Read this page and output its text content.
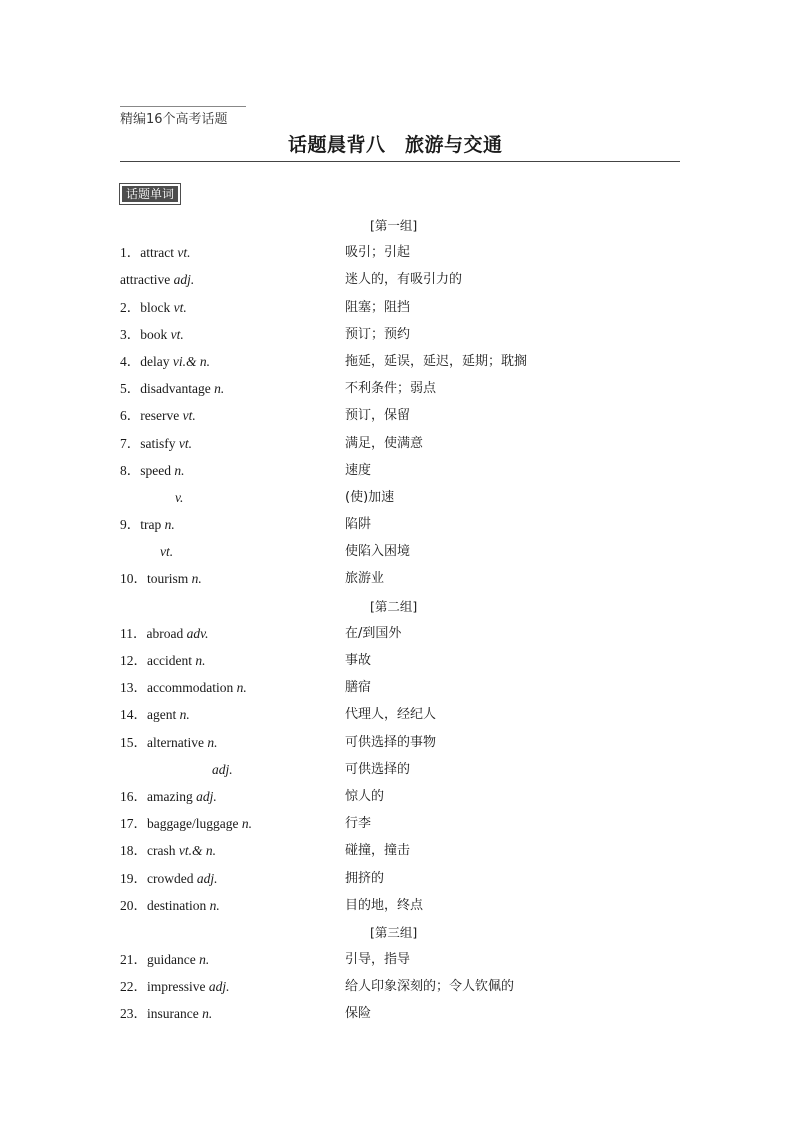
精编16个高考话题
话题晨背八　旅游与交通
话题单词
[第一组]
1．attract vt.	吸引；引起
attractive adj.	迷人的，有吸引力的
2．block vt.	阻塞；阻挡
3．book vt.	预订；预约
4．delay vi.& n.	拖延，延误，延迟，延期；耽搁
5．disadvantage n.	不利条件；弱点
6．reserve vt.	预订，保留
7．satisfy vt.	满足，使满意
8．speed n.	速度
v.	(使)加速
9．trap n.	陷阱
vt.	使陷入困境
10．tourism n.	旅游业
[第二组]
11．abroad adv.	在/到国外
12．accident n.	事故
13．accommodation n.	膳宿
14．agent n.	代理人，经纪人
15．alternative n.	可供选择的事物
adj.	可供选择的
16．amazing adj.	惊人的
17．baggage/luggage n.	行李
18．crash vt.& n.	碰撞，撞击
19．crowded adj.	拥挤的
20．destination n.	目的地，终点
[第三组]
21．guidance n.	引导，指导
22．impressive adj.	给人印象深刻的；令人钦佩的
23．insurance n.	保险
